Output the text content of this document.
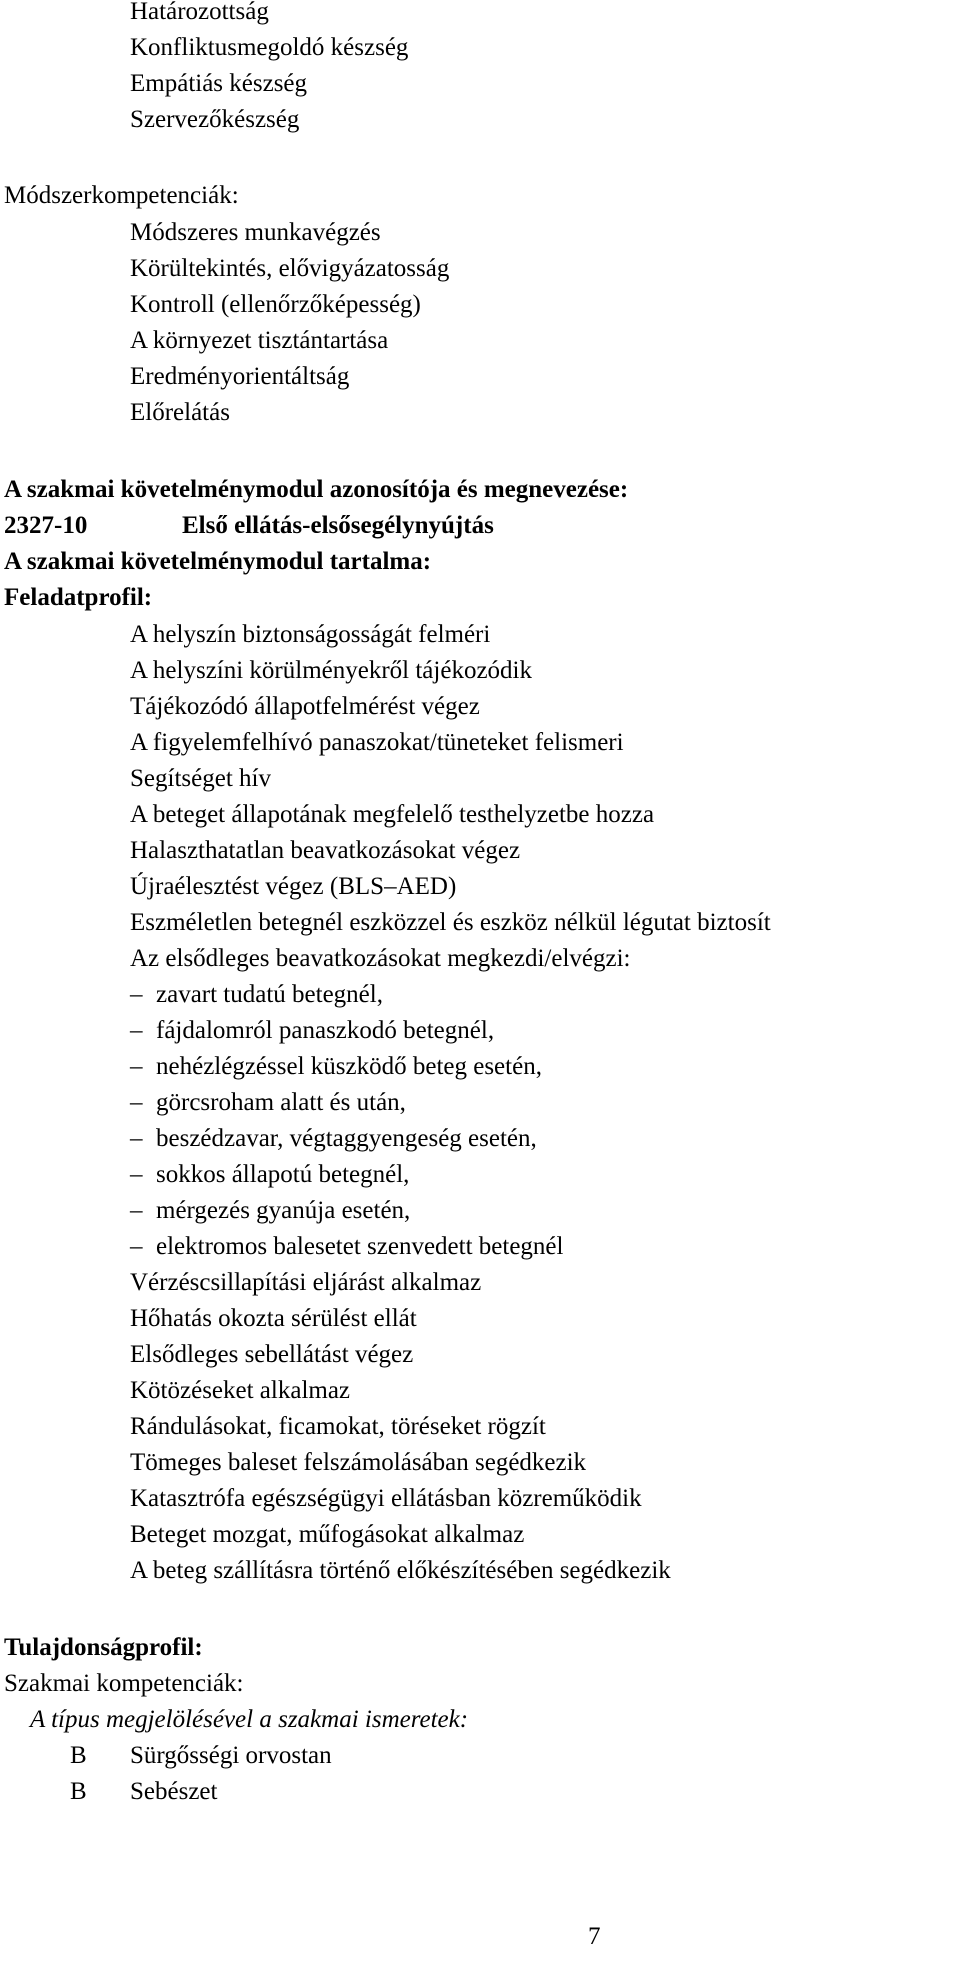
Határozottság
Konfliktusmegoldó készség
Empátiás készség
Szervezőkészség
Módszerkompetenciák:
Módszeres munkavégzés
Körültekintés, elővigyázatosság
Kontroll (ellenőrzőképesség)
A környezet tisztántartása
Eredményorientáltság
Előrelátás
A szakmai követelménymodul azonosítója és megnevezése:
2327-10	Első ellátás-elsősegélynyújtás
A szakmai követelménymodul tartalma:
Feladatprofil:
A helyszín biztonságosságát felméri
A helyszíni körülményekről tájékozódik
Tájékozódó állapotfelmérést végez
A figyelemfelhívó panaszokat/tüneteket felismeri
Segítséget hív
A beteget állapotának megfelelő testhelyzetbe hozza
Halaszthatatlan beavatkozásokat végez
Újraélesztést végez (BLS–AED)
Eszméletlen betegnél eszközzel és eszköz nélkül légutat biztosít
Az elsődleges beavatkozásokat megkezdi/elvégzi:
– zavart tudatú betegnél,
– fájdalomról panaszkodó betegnél,
– nehézlégzéssel küszködő beteg esetén,
– görcsroham alatt és után,
– beszédzavar, végtaggyengeség esetén,
– sokkos állapotú betegnél,
– mérgezés gyanúja esetén,
– elektromos balesetet szenvedett betegnél
Vérzéscsillapítási eljárást alkalmaz
Hőhatás okozta sérülést ellát
Elsődleges sebellátást végez
Kötözéseket alkalmaz
Rándulásokat, ficamokat, töréseket rögzít
Tömeges baleset felszámolásában segédkezik
Katasztrófa egészségügyi ellátásban közreműködik
Beteget mozgat, műfogásokat alkalmaz
A beteg szállításra történő előkészítésében segédkezik
Tulajdonságprofil:
Szakmai kompetenciák:
A típus megjelölésével a szakmai ismeretek:
B Sürgősségi orvostan
B Sebészet
7
